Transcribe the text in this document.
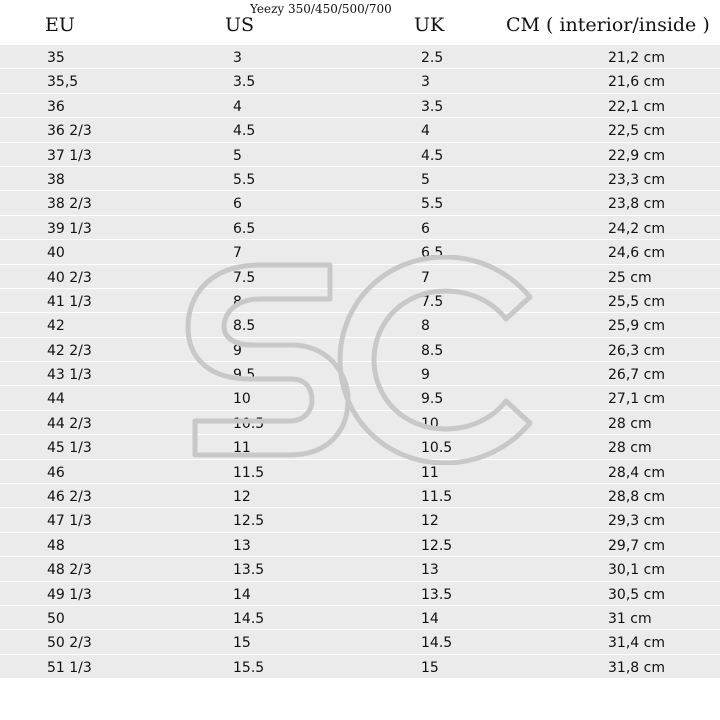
Yeezy 350/450/500/700
EU	US	UK	CM ( interior/inside )
35	3	2.5	21,2 cm
35,5	3.5	3	21,6 cm
36	4	3.5	22,1 cm
36 2/3	4.5	4	22,5 cm
37 1/3	5	4.5	22,9 cm
38	5.5	5	23,3 cm
38 2/3	6	5.5	23,8 cm
39 1/3	6.5	6	24,2 cm
40	7	6.5	24,6 cm
40 2/3	7.5	7	25 cm
41 1/3	8	7.5	25,5 cm
42	8.5	8	25,9 cm
42 2/3	9	8.5	26,3 cm
43 1/3	9.5	9	26,7 cm
44	10	9.5	27,1 cm
44 2/3	10.5	10	28 cm
45 1/3	11	10.5	28 cm
46	11.5	11	28,4 cm
46 2/3	12	11.5	28,8 cm
47 1/3	12.5	12	29,3 cm
48	13	12.5	29,7 cm
48 2/3	13.5	13	30,1 cm
49 1/3	14	13.5	30,5 cm
50	14.5	14	31 cm
50 2/3	15	14.5	31,4 cm
51 1/3	15.5	15	31,8 cm
